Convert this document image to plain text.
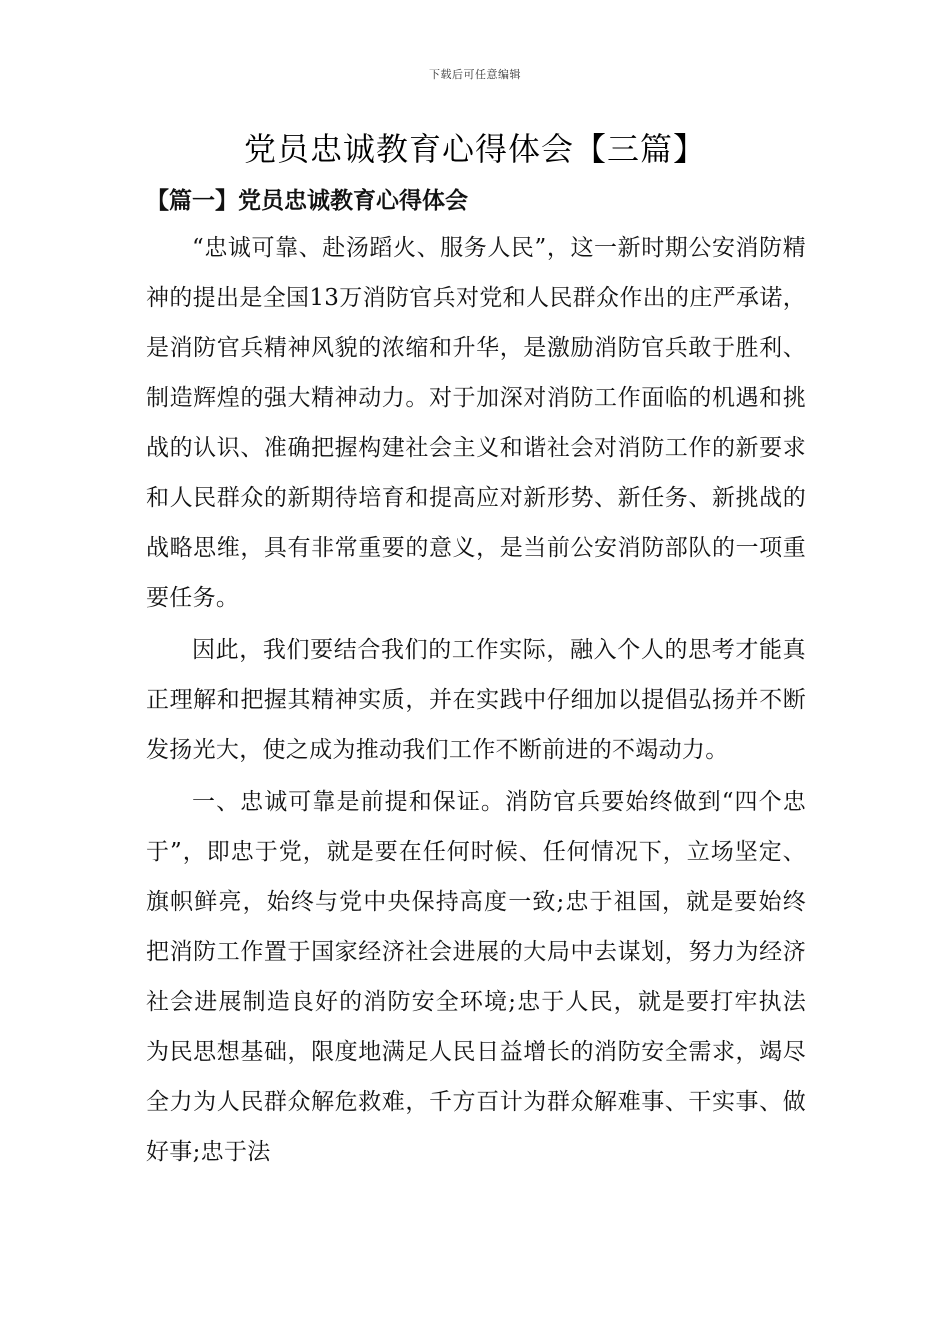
下载后可任意编辑
党员忠诚教育心得体会【三篇】
【篇一】党员忠诚教育心得体会

“忠诚可靠、赴汤蹈火、服务人民”，这一新时期公安消防精神的提出是全国13万消防官兵对党和人民群众作出的庄严承诺，是消防官兵精神风貌的浓缩和升华，是激励消防官兵敢于胜利、制造辉煌的强大精神动力。对于加深对消防工作面临的机遇和挑战的认识、准确把握构建社会主义和谐社会对消防工作的新要求和人民群众的新期待培育和提高应对新形势、新任务、新挑战的战略思维，具有非常重要的意义，是当前公安消防部队的一项重要任务。

因此，我们要结合我们的工作实际，融入个人的思考才能真正理解和把握其精神实质，并在实践中仔细加以提倡弘扬并不断发扬光大，使之成为推动我们工作不断前进的不竭动力。

一、忠诚可靠是前提和保证。消防官兵要始终做到“四个忠于”，即忠于党，就是要在任何时候、任何情况下，立场坚定、旗帜鲜亮，始终与党中央保持高度一致;忠于祖国，就是要始终把消防工作置于国家经济社会进展的大局中去谋划，努力为经济社会进展制造良好的消防安全环境;忠于人民，就是要打牢执法为民思想基础，限度地满足人民日益增长的消防安全需求，竭尽全力为人民群众解危救难，千方百计为群众解难事、干实事、做好事;忠于法
